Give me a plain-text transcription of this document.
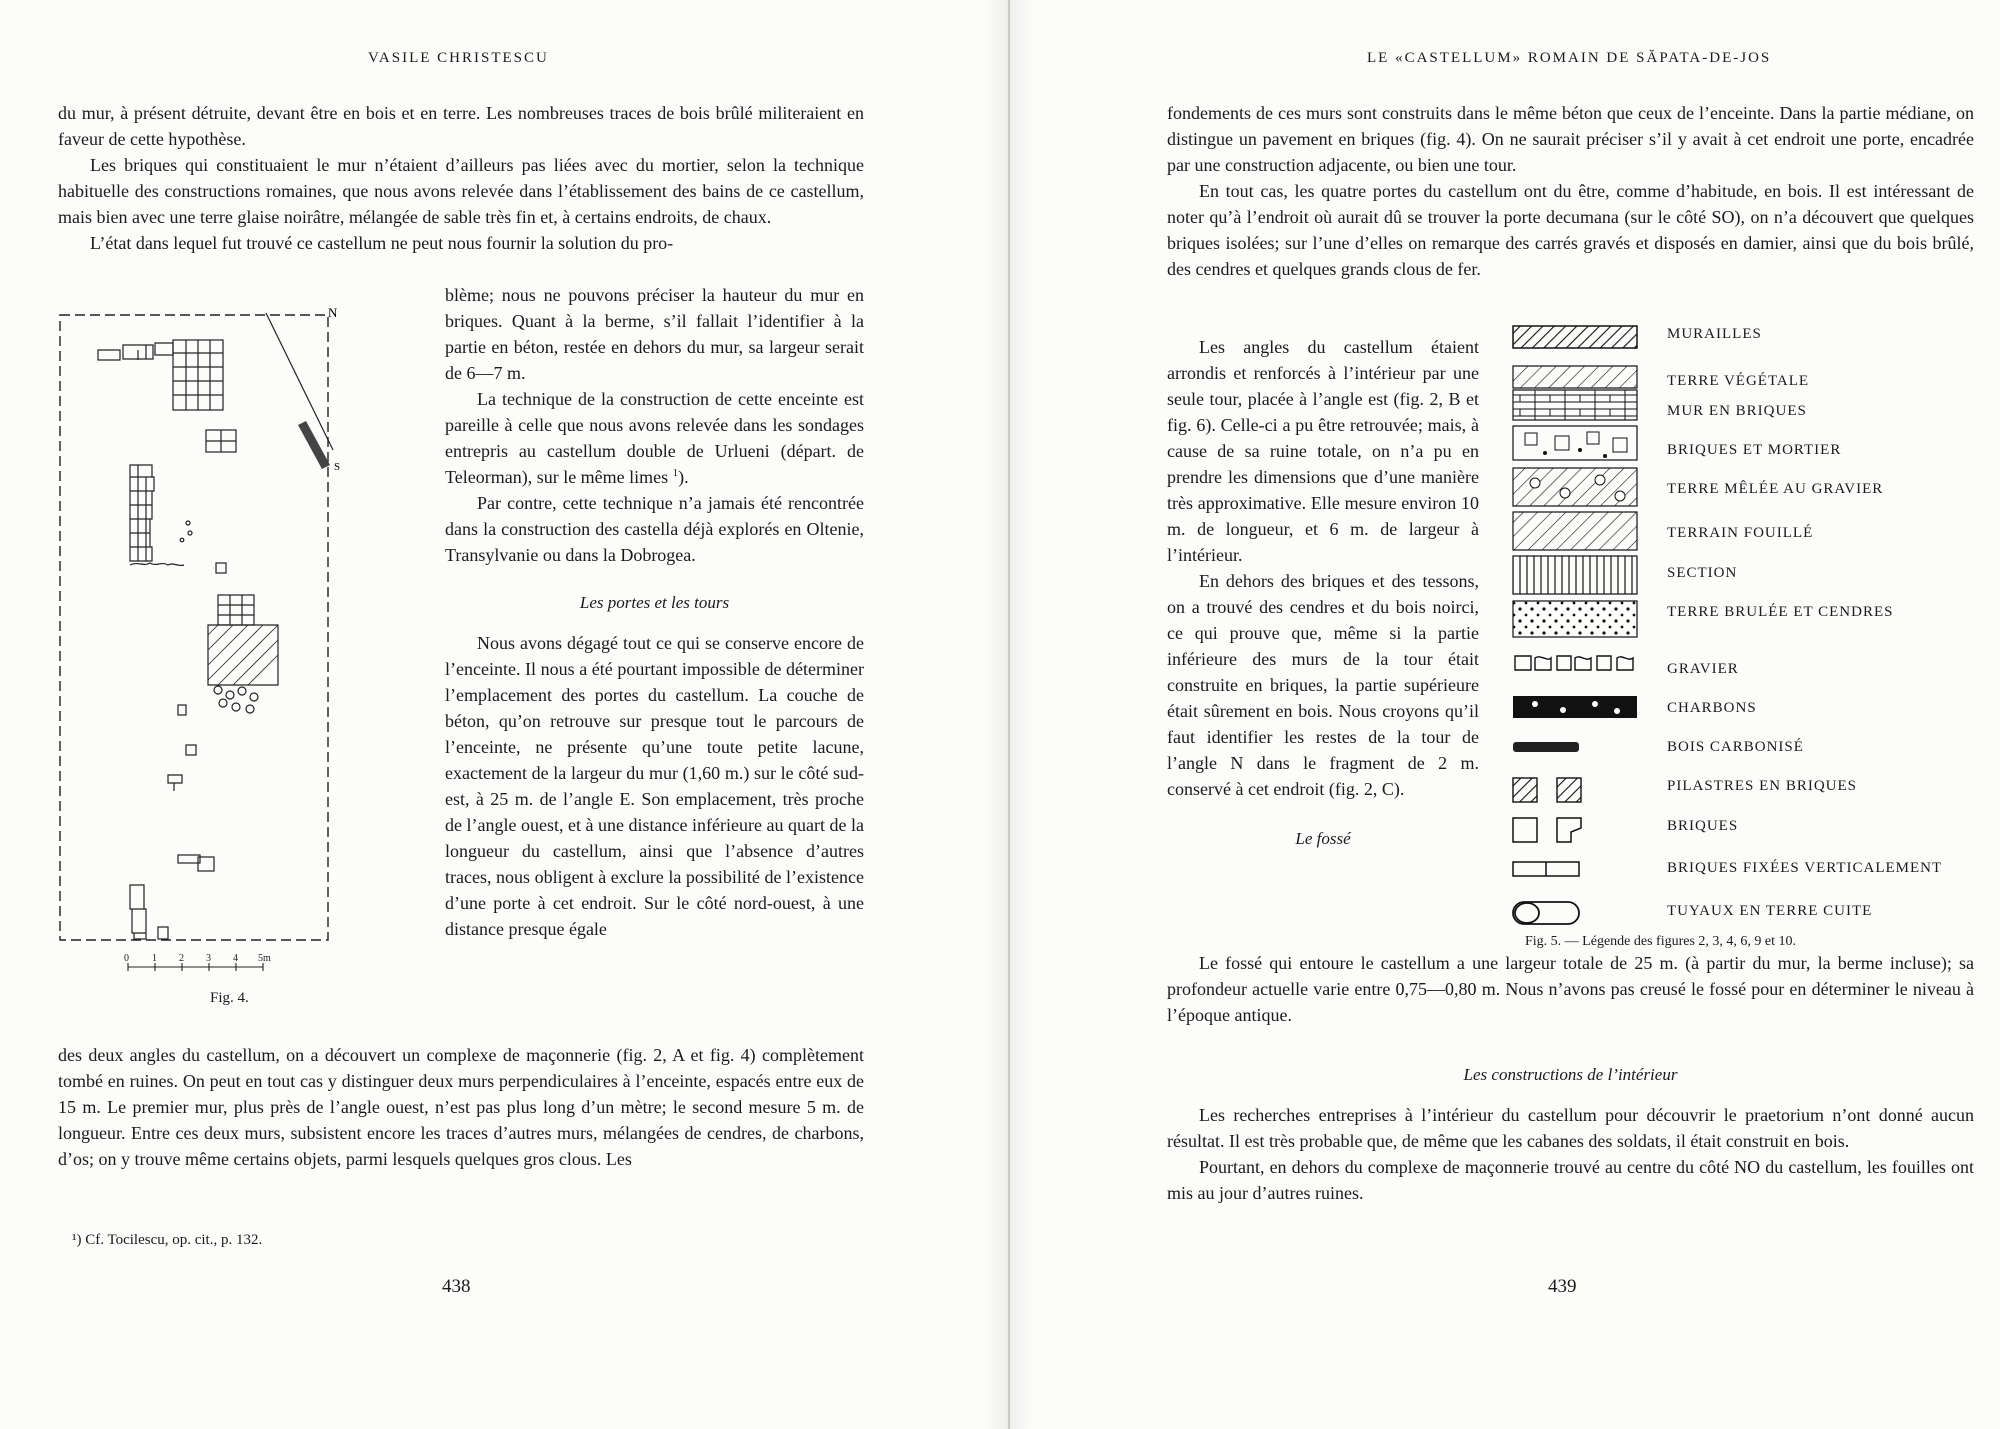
VASILE CHRISTESCU

du mur, à présent détruite, devant être en bois et en terre. Les nombreuses traces de bois brûlé militeraient en faveur de cette hypothèse.

Les briques qui constituaient le mur n’étaient d’ailleurs pas liées avec du mortier, selon la technique habituelle des constructions romaines, que nous avons relevée dans l’établissement des bains de ce castellum, mais bien avec une terre glaise noirâtre, mélangée de sable très fin et, à certains endroits, de chaux.

L’état dans lequel fut trouvé ce castellum ne peut nous fournir la solution du pro-

N
S
0 1 2 3 4 5m
Fig. 4.

blème; nous ne pouvons préciser la hauteur du mur en briques. Quant à la berme, s’il fallait l’identifier à la partie en béton, restée en dehors du mur, sa largeur serait de 6—7 m.

La technique de la construction de cette enceinte est pareille à celle que nous avons relevée dans les sondages entrepris au castellum double de Urlueni (départ. de Teleorman), sur le même limes $^1$).

Par contre, cette technique n’a jamais été rencontrée dans la construction des castella déjà explorés en Oltenie, Transylvanie ou dans la Dobrogea.

Les portes et les tours

Nous avons dégagé tout ce qui se conserve encore de l’enceinte. Il nous a été pourtant impossible de déterminer l’emplacement des portes du castellum. La couche de béton, qu’on retrouve sur presque tout le parcours de l’enceinte, ne présente qu’une toute petite lacune, exactement de la largeur du mur (1,60 m.) sur le côté sud-est, à 25 m. de l’angle E. Son emplacement, très proche de l’angle ouest, et à une distance inférieure au quart de la longueur du castellum, ainsi que l’absence d’autres traces, nous obligent à exclure la possibilité de l’existence d’une porte à cet endroit. Sur le côté nord-ouest, à une distance presque égale

des deux angles du castellum, on a découvert un complexe de maçonnerie (fig. 2, A et fig. 4) complètement tombé en ruines. On peut en tout cas y distinguer deux murs perpendiculaires à l’enceinte, espacés entre eux de 15 m. Le premier mur, plus près de l’angle ouest, n’est pas plus long d’un mètre; le second mesure 5 m. de longueur. Entre ces deux murs, subsistent encore les traces d’autres murs, mélangées de cendres, de charbons, d’os; on y trouve même certains objets, parmi lesquels quelques gros clous. Les

¹) Cf. Tocilescu, op. cit., p. 132.
438
LE «CASTELLUM» ROMAIN DE SĂPATA-DE-JOS

fondements de ces murs sont construits dans le même béton que ceux de l’enceinte. Dans la partie médiane, on distingue un pavement en briques (fig. 4). On ne saurait préciser s’il y avait à cet endroit une porte, encadrée par une construction adjacente, ou bien une tour.

En tout cas, les quatre portes du castellum ont du être, comme d’habitude, en bois. Il est intéressant de noter qu’à l’endroit où aurait dû se trouver la porte decumana (sur le côté SO), on n’a découvert que quelques briques isolées; sur l’une d’elles on remarque des carrés gravés et disposés en damier, ainsi que du bois brûlé, des cendres et quelques grands clous de fer.

Les angles du castellum étaient arrondis et renforcés à l’intérieur par une seule tour, placée à l’angle est (fig. 2, B et fig. 6). Celle-ci a pu être retrouvée; mais, à cause de sa ruine totale, on n’a pu en prendre les dimensions que d’une manière très approximative. Elle mesure environ 10 m. de longueur, et 6 m. de largeur à l’intérieur.

En dehors des briques et des tessons, on a trouvé des cendres et du bois noirci, ce qui prouve que, même si la partie inférieure des murs de la tour était construite en briques, la partie supérieure était sûrement en bois. Nous croyons qu’il faut identifier les restes de la tour de l’angle N dans le fragment de 2 m. conservé à cet endroit (fig. 2, C).

Le fossé

MURAILLES
TERRE VÉGÉTALE
MUR EN BRIQUES
BRIQUES ET MORTIER
TERRE MÊLÉE AU GRAVIER
TERRAIN FOUILLÉ
SECTION
TERRE BRULÉE ET CENDRES
GRAVIER
CHARBONS
BOIS CARBONISÉ
PILASTRES EN BRIQUES
BRIQUES
BRIQUES FIXÉES VERTICALEMENT
TUYAUX EN TERRE CUITE
Fig. 5. — Légende des figures 2, 3, 4, 6, 9 et 10.

Le fossé qui entoure le castellum a une largeur totale de 25 m. (à partir du mur, la berme incluse); sa profondeur actuelle varie entre 0,75—0,80 m. Nous n’avons pas creusé le fossé pour en déterminer le niveau à l’époque antique.

Les constructions de l’intérieur

Les recherches entreprises à l’intérieur du castellum pour découvrir le praetorium n’ont donné aucun résultat. Il est très probable que, de même que les cabanes des soldats, il était construit en bois.

Pourtant, en dehors du complexe de maçonnerie trouvé au centre du côté NO du castellum, les fouilles ont mis au jour d’autres ruines.

439
